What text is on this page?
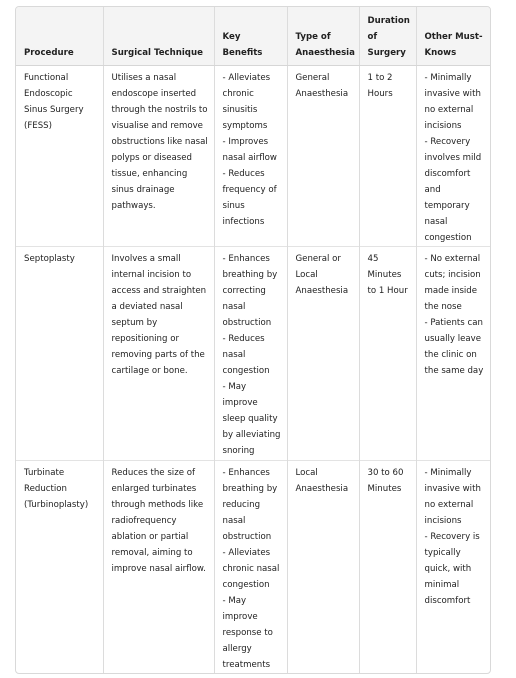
Procedure	Surgical Technique	Key Benefits	Type of Anaesthesia	Duration of Surgery	Other Must-Knows
Functional Endoscopic Sinus Surgery (FESS)	Utilises a nasal endoscope inserted through the nostrils to visualise and remove obstructions like nasal polyps or diseased tissue, enhancing sinus drainage pathways.	- Alleviates chronic sinusitis symptoms
- Improves nasal airflow
- Reduces frequency of sinus infections	General Anaesthesia	1 to 2 Hours	- Minimally invasive with no external incisions
- Recovery involves mild discomfort and temporary nasal congestion

Septoplasty	Involves a small internal incision to access and straighten a deviated nasal septum by repositioning or removing parts of the cartilage or bone.	- Enhances breathing by correcting nasal obstruction
- Reduces nasal congestion
- May improve sleep quality by alleviating snoring	General or Local Anaesthesia	45 Minutes to 1 Hour	- No external cuts; incision made inside the nose
- Patients can usually leave the clinic on the same day

Turbinate Reduction (Turbinoplasty)	Reduces the size of enlarged turbinates through methods like radiofrequency ablation or partial removal, aiming to improve nasal airflow.	- Enhances breathing by reducing nasal obstruction
- Alleviates chronic nasal congestion
- May improve response to allergy treatments	Local Anaesthesia	30 to 60 Minutes	- Minimally invasive with no external incisions
- Recovery is typically quick, with minimal discomfort
